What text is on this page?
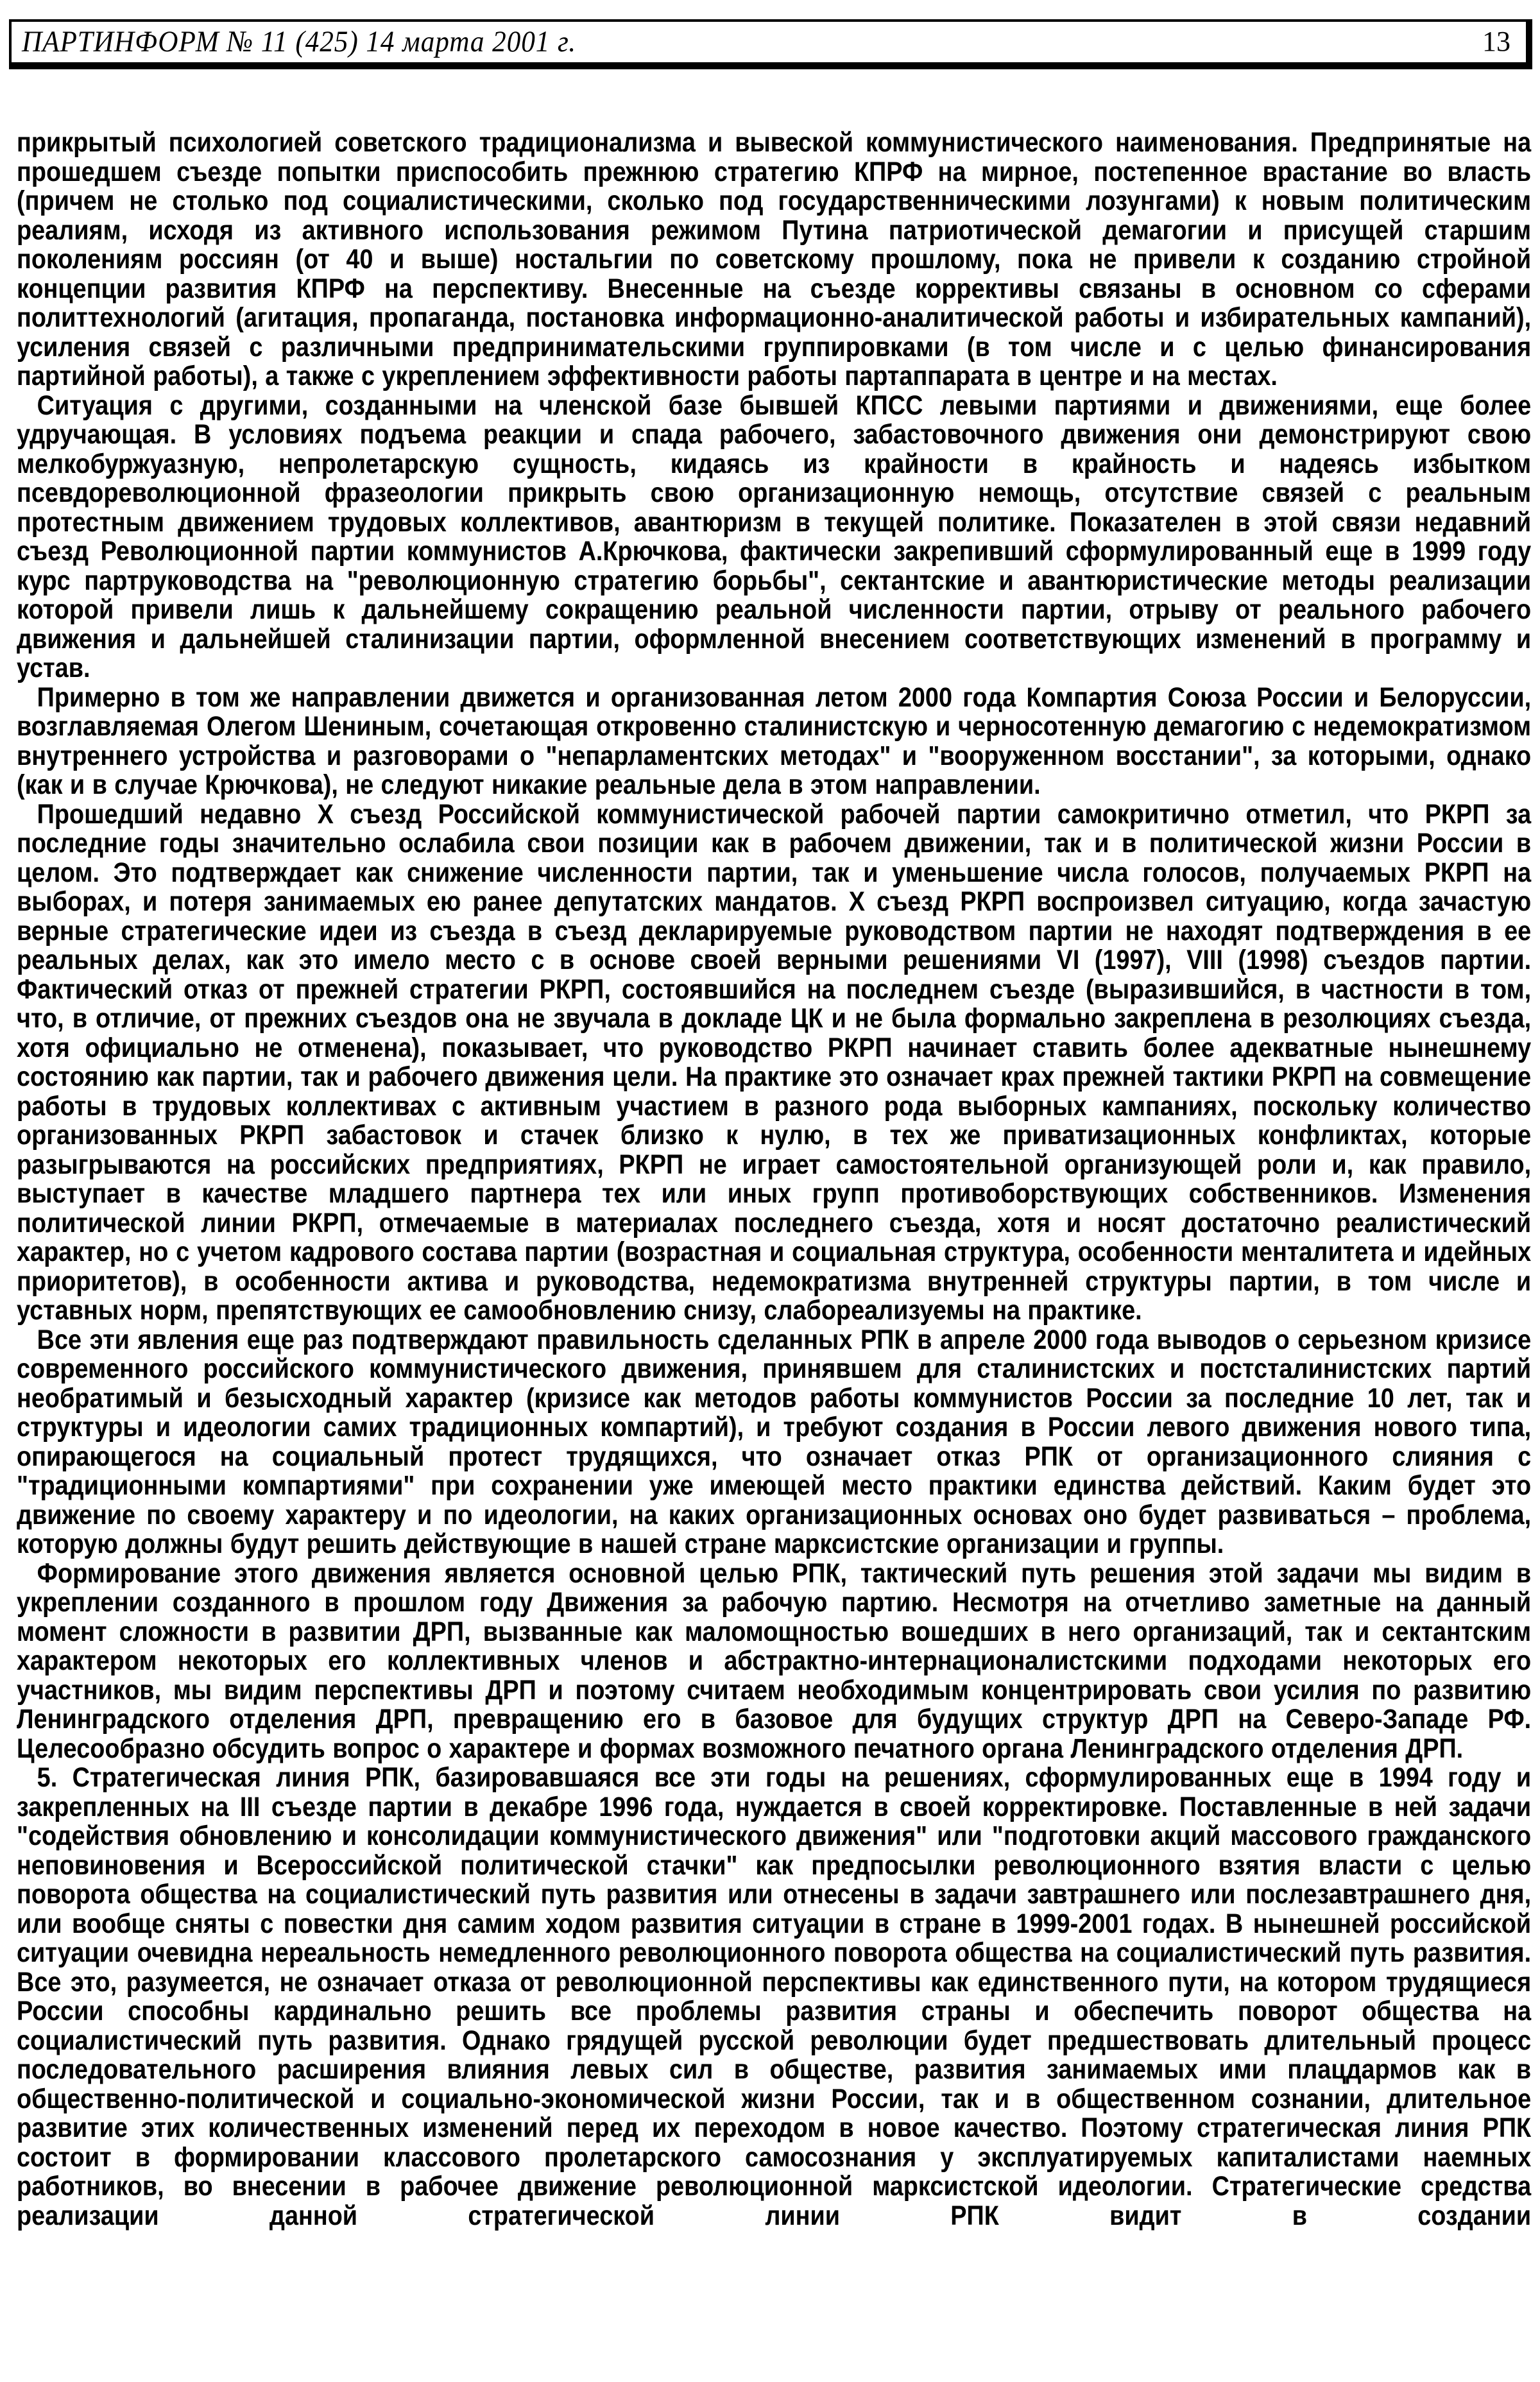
ПАРТИНФОРМ № 11 (425) 14 марта 2001 г.	13

прикрытый психологией советского традиционализма и вывеской коммунистического наименования. Предпринятые на прошедшем съезде попытки приспособить прежнюю стратегию КПРФ на мирное, постепенное врастание во власть (причем не столько под социалистическими, сколько под государственническими лозунгами) к новым политическим реалиям, исходя из активного использования режимом Путина патриотической демагогии и присущей старшим поколениям россиян (от 40 и выше) ностальгии по советскому прошлому, пока не привели к созданию стройной концепции развития КПРФ на перспективу. Внесенные на съезде коррективы связаны в основном со сферами политтехнологий (агитация, пропаганда, постановка информационно-аналитической работы и избирательных кампаний), усиления связей с различными предпринимательскими группировками (в том числе и с целью финансирования партийной работы), а также с укреплением эффективности работы партаппарата в центре и на местах.

Ситуация с другими, созданными на членской базе бывшей КПСС левыми партиями и движениями, еще более удручающая. В условиях подъема реакции и спада рабочего, забастовочного движения они демонстрируют свою мелкобуржуазную, непролетарскую сущность, кидаясь из крайности в крайность и надеясь избытком псевдореволюционной фразеологии прикрыть свою организационную немощь, отсутствие связей с реальным протестным движением трудовых коллективов, авантюризм в текущей политике. Показателен в этой связи недавний съезд Революционной партии коммунистов А.Крючкова, фактически закрепивший сформулированный еще в 1999 году курс партруководства на "революционную стратегию борьбы", сектантские и авантюристические методы реализации которой привели лишь к дальнейшему сокращению реальной численности партии, отрыву от реального рабочего движения и дальнейшей сталинизации партии, оформленной внесением соответствующих изменений в программу и устав.

Примерно в том же направлении движется и организованная летом 2000 года Компартия Союза России и Белоруссии, возглавляемая Олегом Шениным, сочетающая откровенно сталинистскую и черносотенную демагогию с недемократизмом внутреннего устройства и разговорами о "непарламентских методах" и "вооруженном восстании", за которыми, однако (как и в случае Крючкова), не следуют никакие реальные дела в этом направлении.

Прошедший недавно X съезд Российской коммунистической рабочей партии самокритично отметил, что РКРП за последние годы значительно ослабила свои позиции как в рабочем движении, так и в политической жизни России в целом. Это подтверждает как снижение численности партии, так и уменьшение числа голосов, получаемых РКРП на выборах, и потеря занимаемых ею ранее депутатских мандатов. X съезд РКРП воспроизвел ситуацию, когда зачастую верные стратегические идеи из съезда в съезд декларируемые руководством партии не находят подтверждения в ее реальных делах, как это имело место с в основе своей верными решениями VI (1997), VIII (1998) съездов партии. Фактический отказ от прежней стратегии РКРП, состоявшийся на последнем съезде (выразившийся, в частности в том, что, в отличие, от прежних съездов она не звучала в докладе ЦК и не была формально закреплена в резолюциях съезда, хотя официально не отменена), показывает, что руководство РКРП начинает ставить более адекватные нынешнему состоянию как партии, так и рабочего движения цели. На практике это означает крах прежней тактики РКРП на совмещение работы в трудовых коллективах с активным участием в разного рода выборных кампаниях, поскольку количество организованных РКРП забастовок и стачек близко к нулю, в тех же приватизационных конфликтах, которые разыгрываются на российских предприятиях, РКРП не играет самостоятельной организующей роли и, как правило, выступает в качестве младшего партнера тех или иных групп противоборствующих собственников. Изменения политической линии РКРП, отмечаемые в материалах последнего съезда, хотя и носят достаточно реалистический характер, но с учетом кадрового состава партии (возрастная и социальная структура, особенности менталитета и идейных приоритетов), в особенности актива и руководства, недемократизма внутренней структуры партии, в том числе и уставных норм, препятствующих ее самообновлению снизу, слабореализуемы на практике.

Все эти явления еще раз подтверждают правильность сделанных РПК в апреле 2000 года выводов о серьезном кризисе современного российского коммунистического движения, принявшем для сталинистских и постсталинистских партий необратимый и безысходный характер (кризисе как методов работы коммунистов России за последние 10 лет, так и структуры и идеологии самих традиционных компартий), и требуют создания в России левого движения нового типа, опирающегося на социальный протест трудящихся, что означает отказ РПК от организационного слияния с "традиционными компартиями" при сохранении уже имеющей место практики единства действий. Каким будет это движение по своему характеру и по идеологии, на каких организационных основах оно будет развиваться – проблема, которую должны будут решить действующие в нашей стране марксистские организации и группы.

Формирование этого движения является основной целью РПК, тактический путь решения этой задачи мы видим в укреплении созданного в прошлом году Движения за рабочую партию. Несмотря на отчетливо заметные на данный момент сложности в развитии ДРП, вызванные как маломощностью вошедших в него организаций, так и сектантским характером некоторых его коллективных членов и абстрактно-интернационалистскими подходами некоторых его участников, мы видим перспективы ДРП и поэтому считаем необходимым концентрировать свои усилия по развитию Ленинградского отделения ДРП, превращению его в базовое для будущих структур ДРП на Северо-Западе РФ. Целесообразно обсудить вопрос о характере и формах возможного печатного органа Ленинградского отделения ДРП.

5. Стратегическая линия РПК, базировавшаяся все эти годы на решениях, сформулированных еще в 1994 году и закрепленных на III съезде партии в декабре 1996 года, нуждается в своей корректировке. Поставленные в ней задачи "содействия обновлению и консолидации коммунистического движения" или "подготовки акций массового гражданского неповиновения и Всероссийской политической стачки" как предпосылки революционного взятия власти с целью поворота общества на социалистический путь развития или отнесены в задачи завтрашнего или послезавтрашнего дня, или вообще сняты с повестки дня самим ходом развития ситуации в стране в 1999-2001 годах. В нынешней российской ситуации очевидна нереальность немедленного революционного поворота общества на социалистический путь развития. Все это, разумеется, не означает отказа от революционной перспективы как единственного пути, на котором трудящиеся России способны кардинально решить все проблемы развития страны и обеспечить поворот общества на социалистический путь развития. Однако грядущей русской революции будет предшествовать длительный процесс последовательного расширения влияния левых сил в обществе, развития занимаемых ими плацдармов как в общественно-политической и социально-экономической жизни России, так и в общественном сознании, длительное развитие этих количественных изменений перед их переходом в новое качество. Поэтому стратегическая линия РПК состоит в формировании классового пролетарского самосознания у эксплуатируемых капиталистами наемных работников, во внесении в рабочее движение революционной марксистской идеологии. Стратегические средства реализации данной стратегической линии РПК видит в создании
